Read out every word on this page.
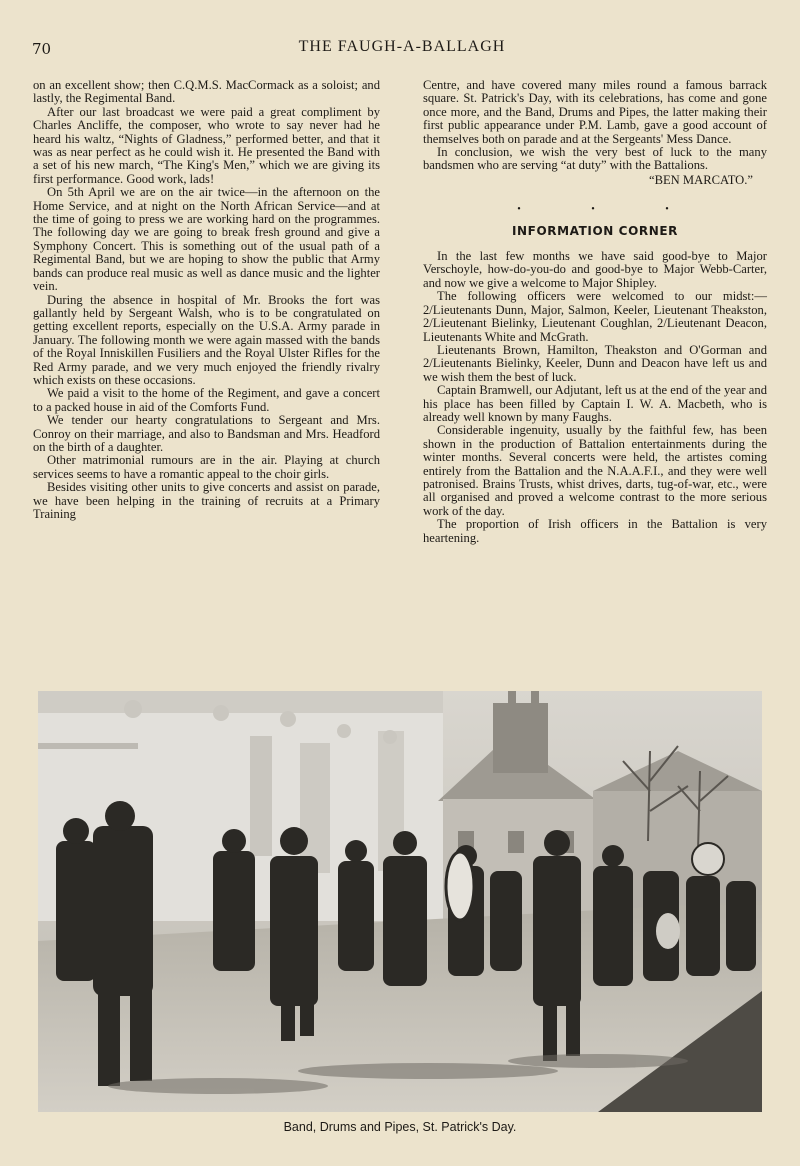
70	THE FAUGH-A-BALLAGH

on an excellent show; then C.Q.M.S. MacCormack as a soloist; and lastly, the Regimental Band.

After our last broadcast we were paid a great compliment by Charles Ancliffe, the composer, who wrote to say never had he heard his waltz, “Nights of Gladness,” performed better, and that it was as near perfect as he could wish it. He presented the Band with a set of his new march, “The King's Men,” which we are giving its first performance. Good work, lads!

On 5th April we are on the air twice—in the afternoon on the Home Service, and at night on the North African Service—and at the time of going to press we are working hard on the programmes. The following day we are going to break fresh ground and give a Symphony Concert. This is something out of the usual path of a Regimental Band, but we are hoping to show the public that Army bands can produce real music as well as dance music and the lighter vein.

During the absence in hospital of Mr. Brooks the fort was gallantly held by Sergeant Walsh, who is to be congratulated on getting excellent reports, especially on the U.S.A. Army parade in January. The following month we were again massed with the bands of the Royal Inniskillen Fusiliers and the Royal Ulster Rifles for the Red Army parade, and we very much enjoyed the friendly rivalry which exists on these occasions.

We paid a visit to the home of the Regiment, and gave a concert to a packed house in aid of the Comforts Fund.

We tender our hearty congratulations to Sergeant and Mrs. Conroy on their marriage, and also to Bandsman and Mrs. Headford on the birth of a daughter.

Other matrimonial rumours are in the air. Playing at church services seems to have a romantic appeal to the choir girls.

Besides visiting other units to give concerts and assist on parade, we have been helping in the training of recruits at a Primary Training

Centre, and have covered many miles round a famous barrack square. St. Patrick's Day, with its celebrations, has come and gone once more, and the Band, Drums and Pipes, the latter making their first public appearance under P.M. Lamb, gave a good account of themselves both on parade and at the Sergeants' Mess Dance.

In conclusion, we wish the very best of luck to the many bandsmen who are serving “at duty” with the Battalions.

“BEN MARCATO.”
• • •
INFORMATION CORNER

In the last few months we have said good-bye to Major Verschoyle, how-do-you-do and good-bye to Major Webb-Carter, and now we give a welcome to Major Shipley.

The following officers were welcomed to our midst:— 2/Lieutenants Dunn, Major, Salmon, Keeler, Lieutenant Theakston, 2/Lieutenant Bielinky, Lieutenant Coughlan, 2/Lieutenant Deacon, Lieutenants White and McGrath.

Lieutenants Brown, Hamilton, Theakston and O'Gorman and 2/Lieutenants Bielinky, Keeler, Dunn and Deacon have left us and we wish them the best of luck.

Captain Bramwell, our Adjutant, left us at the end of the year and his place has been filled by Captain I. W. A. Macbeth, who is already well known by many Faughs.

Considerable ingenuity, usually by the faithful few, has been shown in the production of Battalion entertainments during the winter months. Several concerts were held, the artistes coming entirely from the Battalion and the N.A.A.F.I., and they were well patronised. Brains Trusts, whist drives, darts, tug-of-war, etc., were all organised and proved a welcome contrast to the more serious work of the day.

The proportion of Irish officers in the Battalion is very heartening.

Band, Drums and Pipes, St. Patrick's Day.
